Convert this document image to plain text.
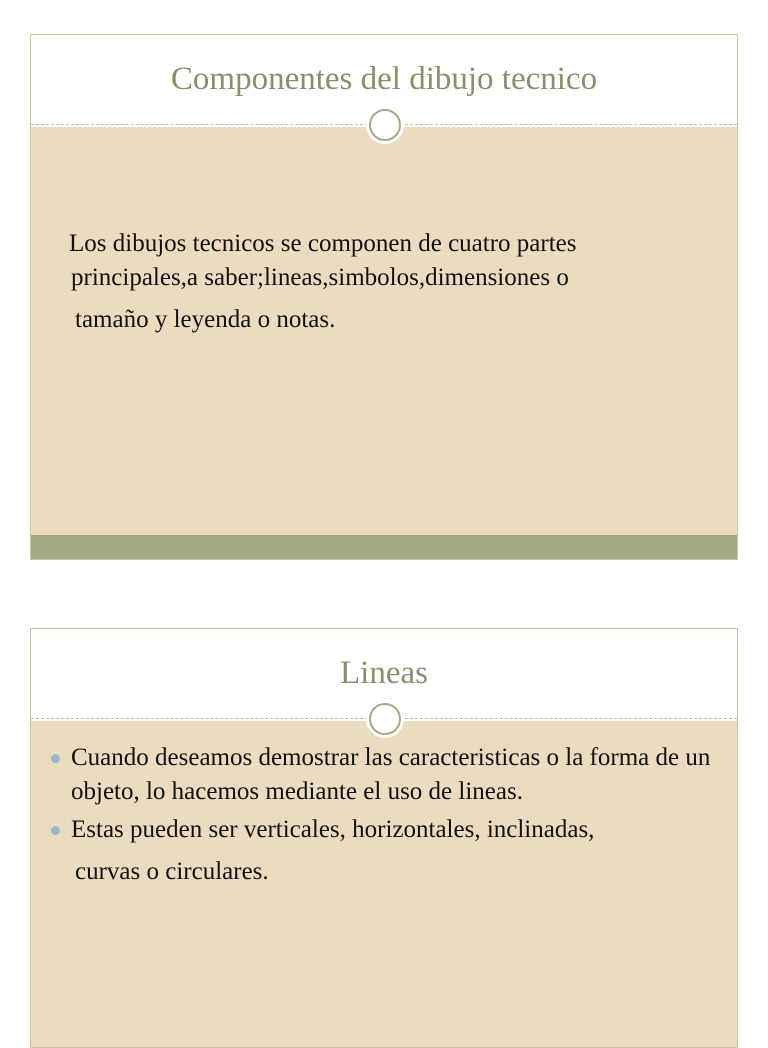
Componentes del dibujo tecnico
Los dibujos tecnicos se componen de cuatro partes
principales,a saber;lineas,simbolos,dimensiones o
tamaño y leyenda o notas.
Lineas
Cuando deseamos demostrar las caracteristicas o la forma de un objeto, lo hacemos mediante el uso de lineas.
Estas pueden ser verticales, horizontales, inclinadas,
curvas o circulares.
